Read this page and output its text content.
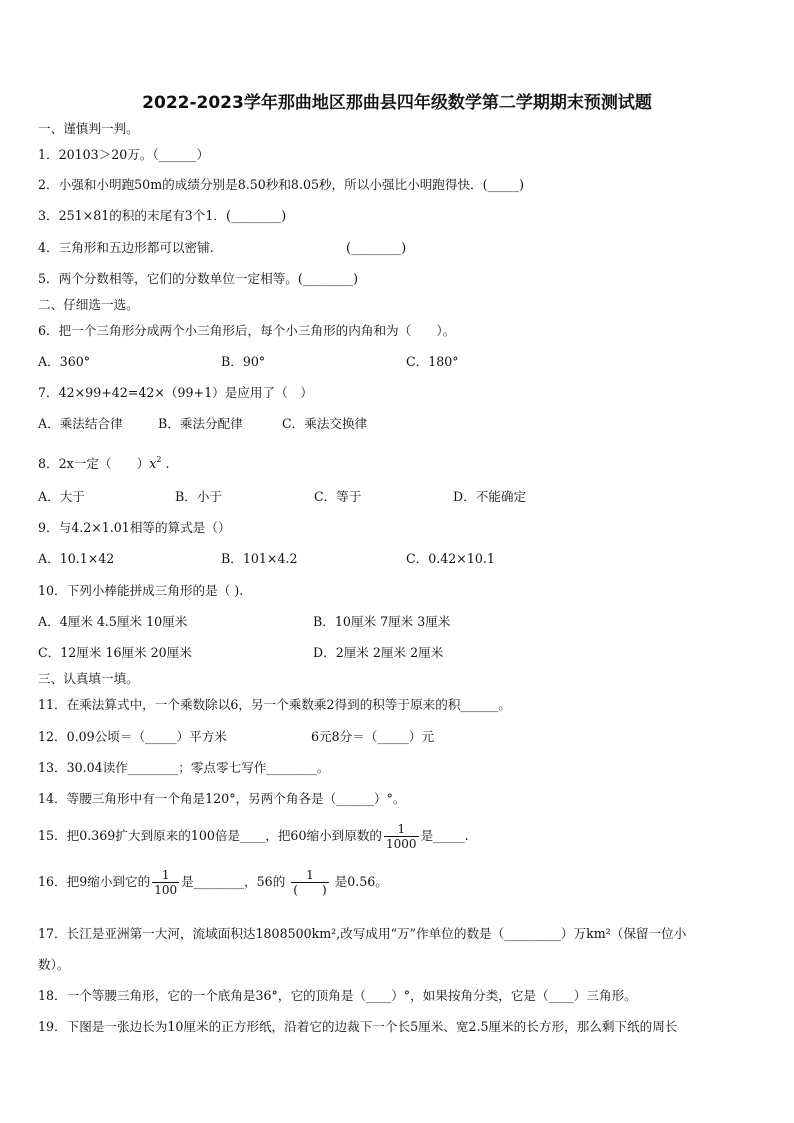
2022-2023学年那曲地区那曲县四年级数学第二学期期末预测试题
一、谨慎判一判。
1．20103＞20万。（______）
2．小强和小明跑50m的成绩分别是8.50秒和8.05秒，所以小强比小明跑得快．(_____)
3．251×81的积的末尾有3个1．(________)
4．三角形和五边形都可以密铺.	(________)
5．两个分数相等，它们的分数单位一定相等。(________)
二、仔细选一选。
6．把一个三角形分成两个小三角形后，每个小三角形的内角和为（　　）。
A．360°	B．90°	C．180°
7．42×99+42=42×（99+1）是应用了（　）
A．乘法结合律	B．乘法分配律	C．乘法交换律
8．2x一定（　　）$x^2$ .
A．大于	B．小于	C．等于	D．不能确定
9．与4.2×1.01相等的算式是（）
A．10.1×42	B．101×4.2	C．0.42×10.1
10．下列小棒能拼成三角形的是（ ).
A．4厘米 4.5厘米 10厘米	B．10厘米 7厘米 3厘米
C．12厘米 16厘米 20厘米	D．2厘米 2厘米 2厘米
三、认真填一填。
11．在乘法算式中，一个乘数除以6，另一个乘数乘2得到的积等于原来的积______。
12．0.09公顷＝（_____）平方米	6元8分＝（_____）元
13．30.04读作________；零点零七写作________。
14．等腰三角形中有一个角是120°，另两个角各是（______）°。
15．把0.369扩大到原来的100倍是____，把60缩小到原数的 $\frac{1}{1000}$ 是_____.
16．把9缩小到它的 $\frac{1}{100}$ 是________，56的 $\frac{1}{( )}$ 是0.56。
17．长江是亚洲第一大河，流域面积达1808500km²,改写成用“万”作单位的数是（_________）万km²（保留一位小
数）。
18．一个等腰三角形，它的一个底角是36°，它的顶角是（____）°，如果按角分类，它是（____）三角形。
19．下图是一张边长为10厘米的正方形纸，沿着它的边裁下一个长5厘米、宽2.5厘米的长方形，那么剩下纸的周长
